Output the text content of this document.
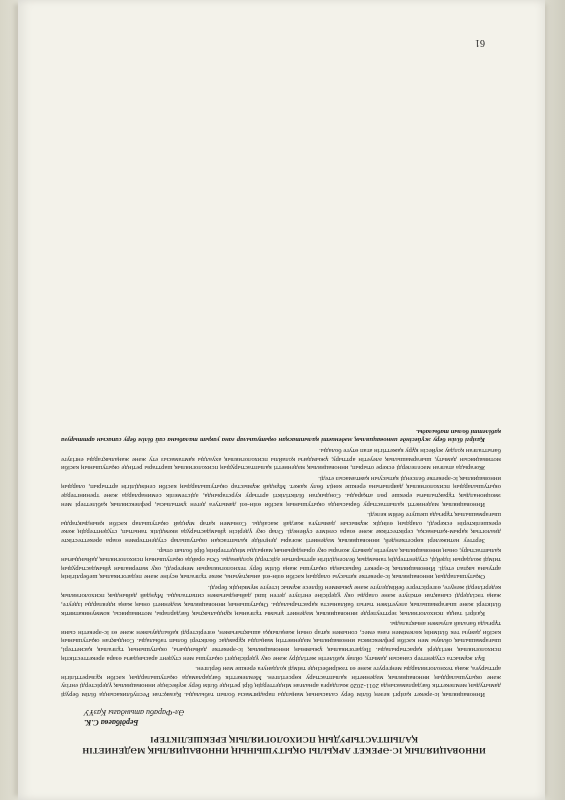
ИННОВАЦИЯЛЫҚ ІС-ӘРЕКЕТ АРҚЫЛЫ ОҚЫТУШЫНЫҢ ИННОВАЦИЯЛЫҚ МӘДЕНИЕТІН ҚАЛЫПТАСТЫРУДЫҢ ПСИХОЛОГИЯЛЫҚ ЕРЕКШЕЛІКТЕРІ
Бердібаева С.К.
Әл-Фараби атындағы ҚазҰУ

Инновациялық іс-әрекет қазіргі кезең білім беру саласының маңызды парадигмасы болып табылады. Қазақстан Республикасында білім беруді дамытудың мемлекеттік бағдарламасында 2011-2020 жылдарға арналған міндеттердің бірі ретінде білім беру жүйесінде инновациялық үдерістерді енгізу және оқытушылардың инновациялық мәдениетін қалыптастыру көрсетілген. Мемлекеттік бағдарламада оқытушылардың кәсіби құзыреттілігін арттыруға, жаңа технологияларды меңгеруге және өз тәжірибесінде тиімді қолдануға ерекше мән берілген.

Бұл жұмыста студенттер санасын дамыту, ойлау қабілетін жетілдіру және оқу үдерісіндегі оқытушы мен студент арасындағы өзара әрекеттестіктің психологиялық негіздері қарастырылады. Педагогикалық ұжымның инновациялық іс-әрекетке дайындығы, оқытушының тұлғалық қасиеттері, шығармашылық ойлауы мен кәсіби рефлексиясы инновациялық мәдениеттің маңызды құрамдас бөліктері болып табылады. Сондықтан оқытушының кәсіби дамуы тек білімнің көлемімен ғана емес, сонымен қатар оның жаңалыққа ашықтығымен, өзгерістерді қабылдауымен және өз іс-әрекетін сыни тұрғыда бағалай алуымен анықталады.

Қазіргі таңда психологиялық зерттеулерде инновациялық мәдениет ұғымы тұлғаның құндылықтық бағдарлары, мотивациясы, коммуникативтік біліктері және шығармашылық әлеуетімен тығыз байланыста қарастырылады. Оқытушының инновациялық мәдениеті оның жаңа идеяларды іздеуге, жаңа тәсілдерді сынақтан өткізуге және оларды оқу үдерісіне енгізуге деген ішкі дайындығымен сипатталады. Мұндай дайындық психологиялық кедергілерді жеңуге, өзгерістерге бейімделуге және ұжыммен бірлесе жұмыс істеуге мүмкіндік береді.

Оқытушылардың инновациялық іс-әрекетке қатысуы олардың кәсіби өзін-өзі анықтауына, жеке тұлғалық өсуіне және педагогикалық шеберлігінің артуына ықпал етеді. Инновациялық іс-әрекет барысында оқытушы жаңа білім беру технологияларын меңгереді, оқу материалын ұйымдастырудың тиімді жолдарын іздейді, студенттердің танымдық белсенділігін арттыратын әдістерді қолданады. Осы орайда оқытушының психологиялық дайындығын қалыптастыру, оның инновациялық әлеуетін дамыту жоғары оқу орындарының маңызды міндеттерінің бірі болып отыр.

Зерттеу нәтижелері көрсеткендей, инновациялық мәдениеті жоғары деңгейде қалыптасқан оқытушылар студенттермен өзара әрекеттестікте диалогтық қарым-қатынасқа, серіктестікке және өзара сенімге сүйенеді. Олар оқу үдерісін ұйымдастыруда икемділік танытып, студенттердің жеке ерекшеліктерін ескереді, олардың өзіндік жұмысын дамытуға жағдай жасайды. Сонымен қатар мұндай оқытушылар кәсіби қиындықтарды шығармашылық тұрғыда шешуге бейім келеді.

Инновациялық мәдениетті қалыптастыру барысында оқытушының кәсіби өзін-өзі дамытуға деген ұмтылысы, рефлексиялық қабілеттері мен эмоционалдық тұрақтылығы ерекше рөл атқарады. Сондықтан біліктілікті арттыру курстарында, әдістемелік семинарларда және тренингтерде оқытушылардың психологиялық даярлығына ерекше көңіл бөлу қажет. Мұндай жұмыстар оқытушылардың кәсіби сенімділігін арттырып, олардың инновациялық іс-әрекетке белсенді қатысуын қамтамасыз етеді.

Жоғарыда аталған мәселелерді ескере отырып, инновациялық мәдениетті қалыптастырудың психологиялық шарттары ретінде оқытушының кәсіби мотивациясын дамыту, шығармашылық әлеуетін арттыру, ұжымдағы қолайлы психологиялық ахуалды қамтамасыз ету және жаңалықтарды енгізуге бағытталған қолдау жүйесін құру қажеттігін атап өтуге болады.

Қазіргі білім беру жүйесінде инновациялық мәдениеті қалыптасқан оқытушылар ғана уақыт талабына сай білім беру сапасын арттыруға қабілетті болып табылады.

61
